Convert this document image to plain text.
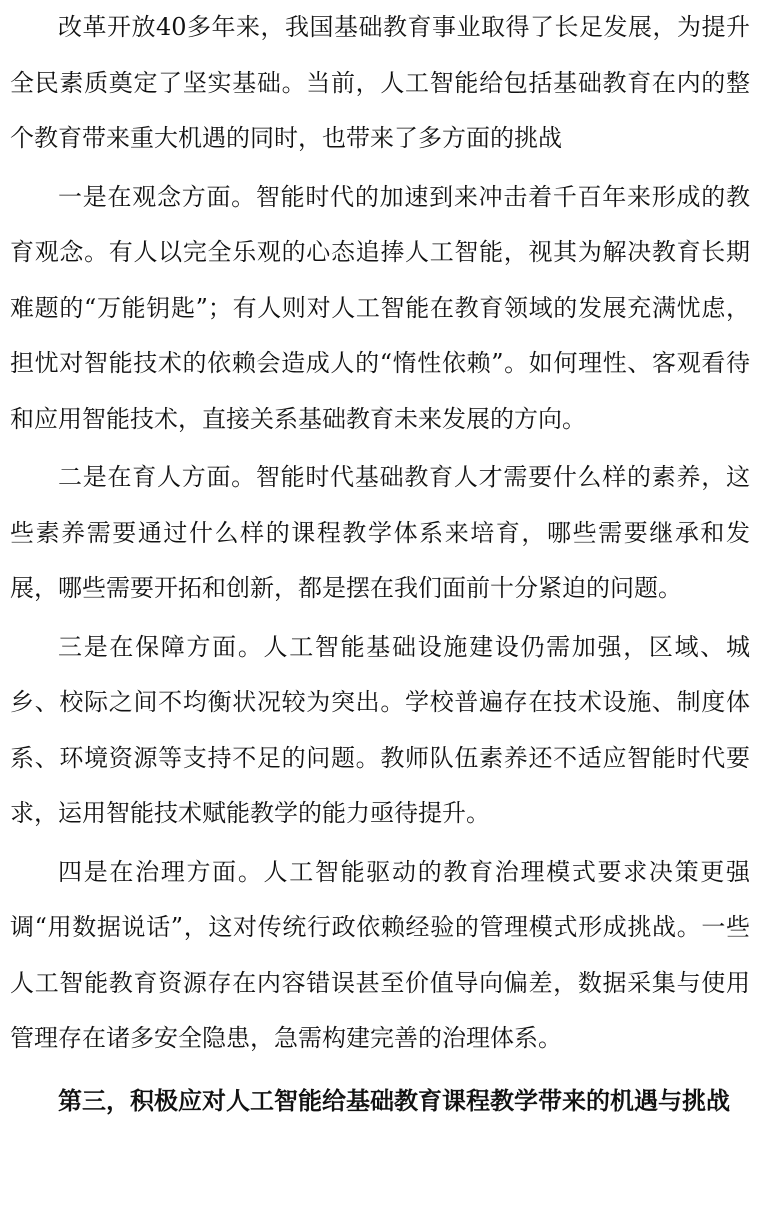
改革开放40多年来，我国基础教育事业取得了长足发展，为提升全民素质奠定了坚实基础。当前，人工智能给包括基础教育在内的整个教育带来重大机遇的同时，也带来了多方面的挑战

一是在观念方面。智能时代的加速到来冲击着千百年来形成的教育观念。有人以完全乐观的心态追捧人工智能，视其为解决教育长期难题的“万能钥匙”；有人则对人工智能在教育领域的发展充满忧虑，担忧对智能技术的依赖会造成人的“惰性依赖”。如何理性、客观看待和应用智能技术，直接关系基础教育未来发展的方向。

二是在育人方面。智能时代基础教育人才需要什么样的素养，这些素养需要通过什么样的课程教学体系来培育，哪些需要继承和发展，哪些需要开拓和创新，都是摆在我们面前十分紧迫的问题。

三是在保障方面。人工智能基础设施建设仍需加强，区域、城乡、校际之间不均衡状况较为突出。学校普遍存在技术设施、制度体系、环境资源等支持不足的问题。教师队伍素养还不适应智能时代要求，运用智能技术赋能教学的能力亟待提升。

四是在治理方面。人工智能驱动的教育治理模式要求决策更强调“用数据说话”，这对传统行政依赖经验的管理模式形成挑战。一些人工智能教育资源存在内容错误甚至价值导向偏差，数据采集与使用管理存在诸多安全隐患，急需构建完善的治理体系。

第三，积极应对人工智能给基础教育课程教学带来的机遇与挑战
